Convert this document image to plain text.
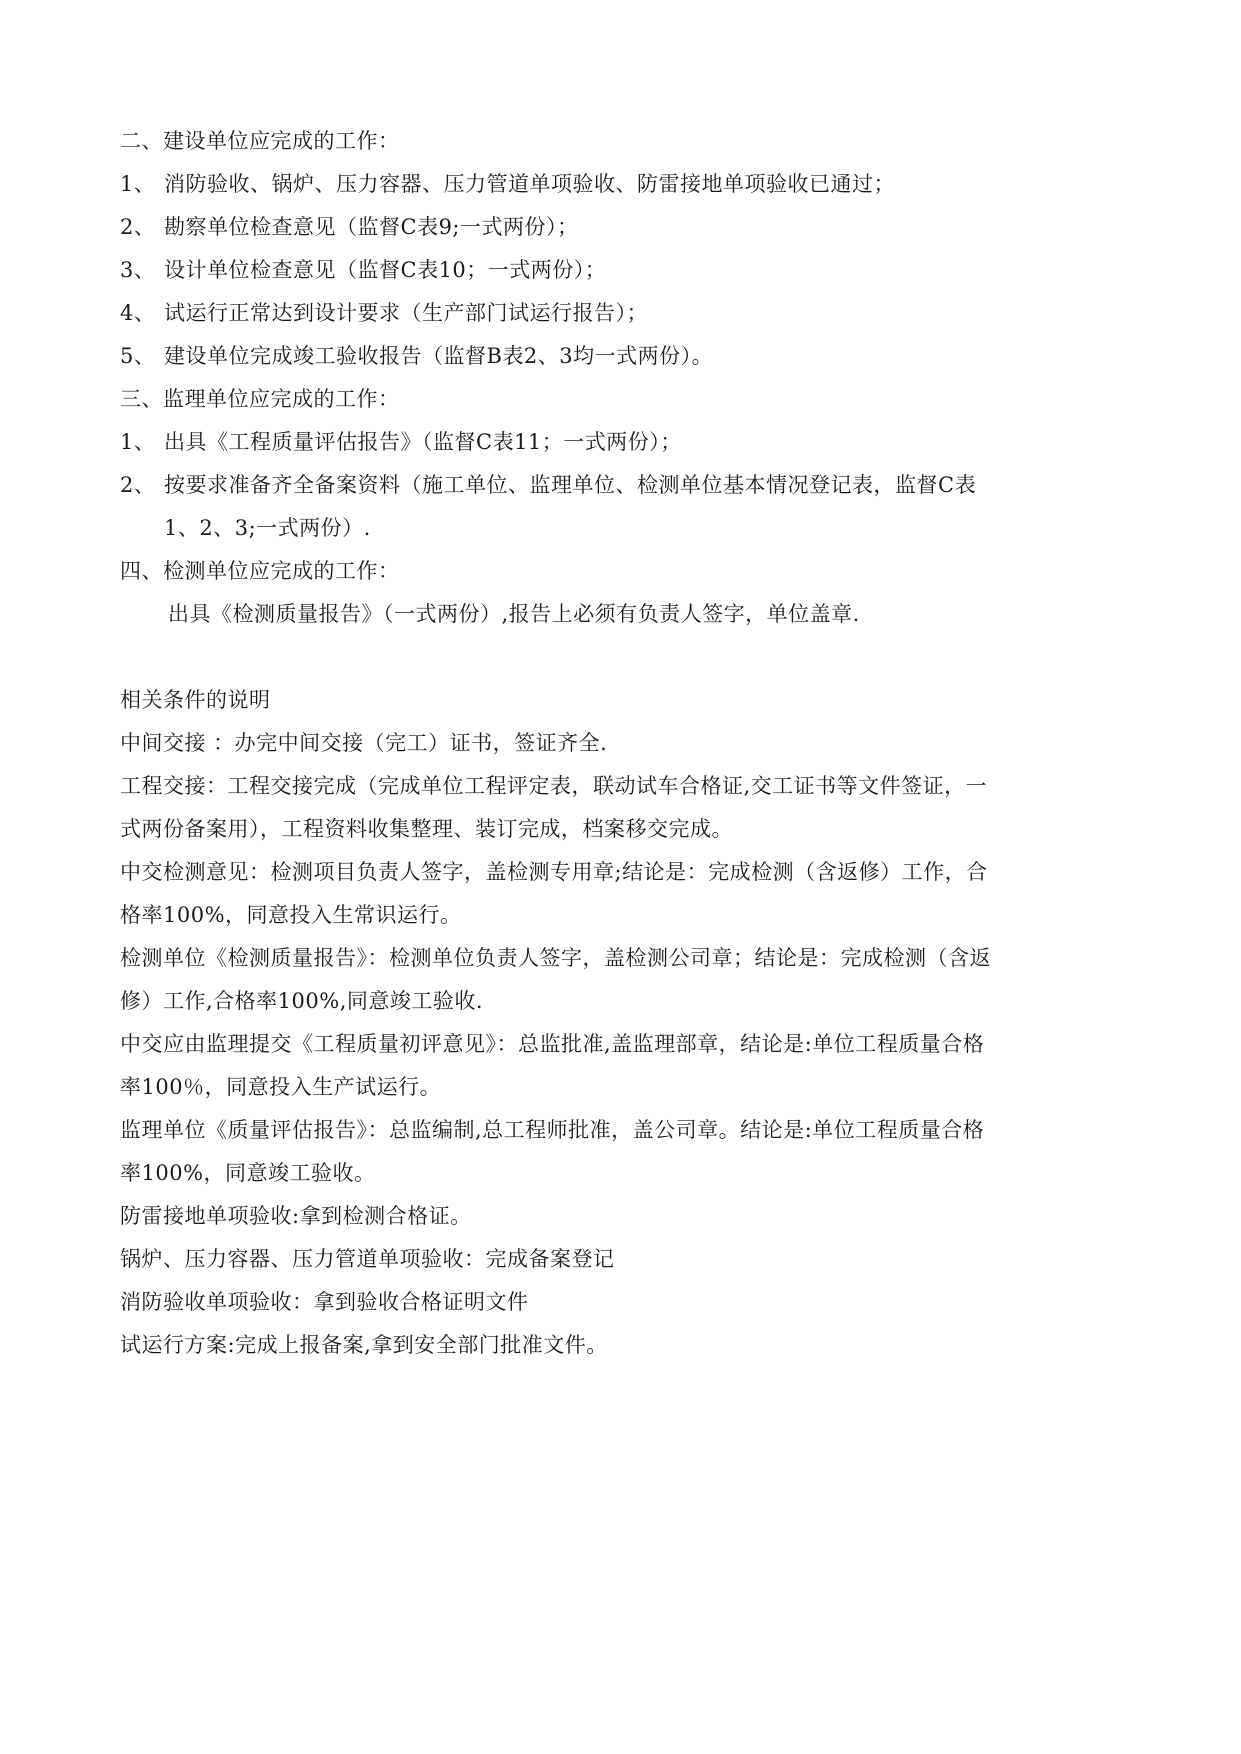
二、建设单位应完成的工作：
1、 消防验收、锅炉、压力容器、压力管道单项验收、防雷接地单项验收已通过；
2、 勘察单位检查意见（监督C表9;一式两份）；
3、 设计单位检查意见（监督C表10；一式两份）；
4、 试运行正常达到设计要求（生产部门试运行报告）；
5、 建设单位完成竣工验收报告（监督B表2、3均一式两份）。
三、监理单位应完成的工作：
1、 出具《工程质量评估报告》（监督C表11；一式两份）；
2、 按要求准备齐全备案资料（施工单位、监理单位、检测单位基本情况登记表，监督C表
1、2、3;一式两份）.
四、检测单位应完成的工作：
出具《检测质量报告》（一式两份）,报告上必须有负责人签字，单位盖章.
相关条件的说明
中间交接 ：办完中间交接（完工）证书，签证齐全.
工程交接：工程交接完成（完成单位工程评定表，联动试车合格证,交工证书等文件签证，一
式两份备案用），工程资料收集整理、装订完成，档案移交完成。
中交检测意见：检测项目负责人签字，盖检测专用章;结论是：完成检测（含返修）工作，合
格率100%，同意投入生常识运行。
检测单位《检测质量报告》：检测单位负责人签字，盖检测公司章；结论是：完成检测（含返
修）工作,合格率100%,同意竣工验收.
中交应由监理提交《工程质量初评意见》：总监批准,盖监理部章，结论是:单位工程质量合格
率100％，同意投入生产试运行。
监理单位《质量评估报告》：总监编制,总工程师批准，盖公司章。结论是:单位工程质量合格
率100%，同意竣工验收。
防雷接地单项验收:拿到检测合格证。
锅炉、压力容器、压力管道单项验收：完成备案登记
消防验收单项验收：拿到验收合格证明文件
试运行方案:完成上报备案,拿到安全部门批准文件。
